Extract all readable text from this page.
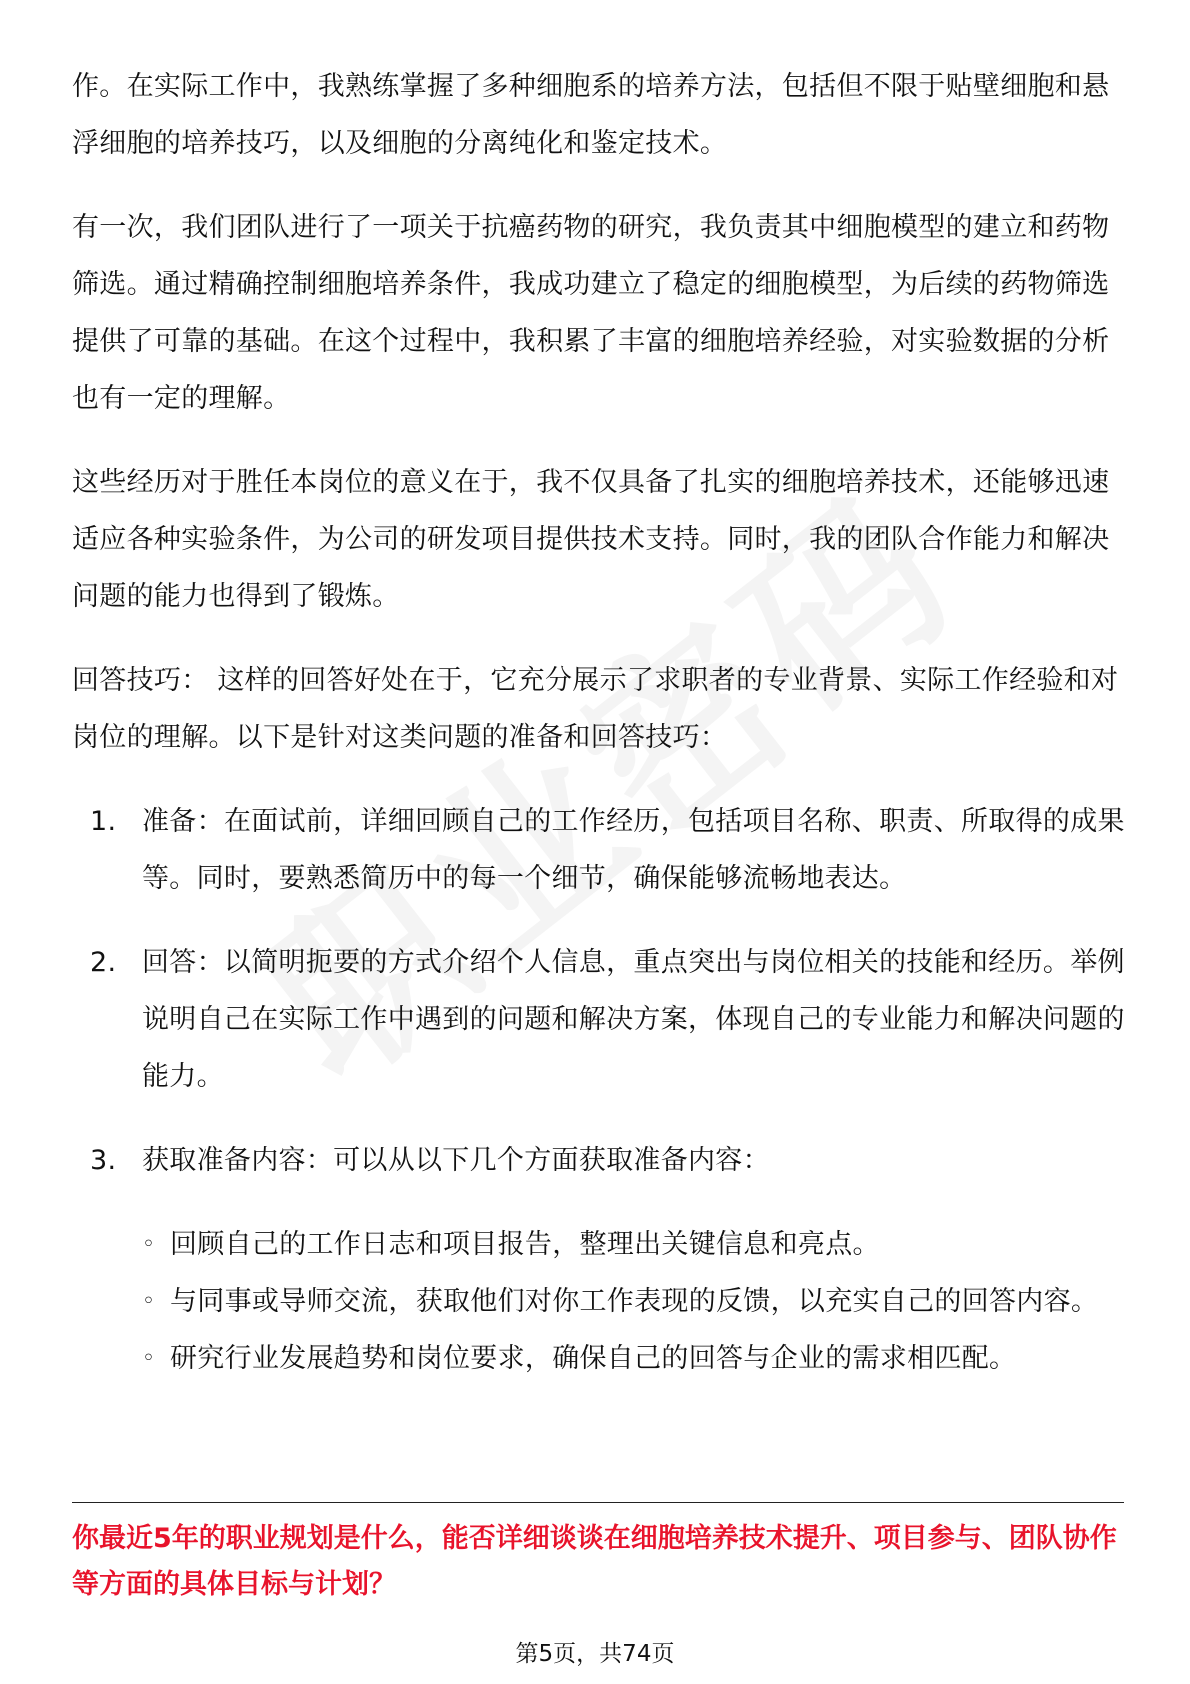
作。在实际工作中，我熟练掌握了多种细胞系的培养方法，包括但不限于贴壁细胞和悬浮细胞的培养技巧，以及细胞的分离纯化和鉴定技术。

有一次，我们团队进行了一项关于抗癌药物的研究，我负责其中细胞模型的建立和药物筛选。通过精确控制细胞培养条件，我成功建立了稳定的细胞模型，为后续的药物筛选提供了可靠的基础。在这个过程中，我积累了丰富的细胞培养经验，对实验数据的分析也有一定的理解。

这些经历对于胜任本岗位的意义在于，我不仅具备了扎实的细胞培养技术，还能够迅速适应各种实验条件，为公司的研发项目提供技术支持。同时，我的团队合作能力和解决问题的能力也得到了锻炼。

回答技巧： 这样的回答好处在于，它充分展示了求职者的专业背景、实际工作经验和对岗位的理解。以下是针对这类问题的准备和回答技巧：

1. 准备：在面试前，详细回顾自己的工作经历，包括项目名称、职责、所取得的成果等。同时，要熟悉简历中的每一个细节，确保能够流畅地表达。
2. 回答：以简明扼要的方式介绍个人信息，重点突出与岗位相关的技能和经历。举例说明自己在实际工作中遇到的问题和解决方案，体现自己的专业能力和解决问题的能力。
3. 获取准备内容：可以从以下几个方面获取准备内容：
◦ 回顾自己的工作日志和项目报告，整理出关键信息和亮点。
◦ 与同事或导师交流，获取他们对你工作表现的反馈，以充实自己的回答内容。
◦ 研究行业发展趋势和岗位要求，确保自己的回答与企业的需求相匹配。

你最近5年的职业规划是什么，能否详细谈谈在细胞培养技术提升、项目参与、团队协作等方面的具体目标与计划？

第5页，共74页
